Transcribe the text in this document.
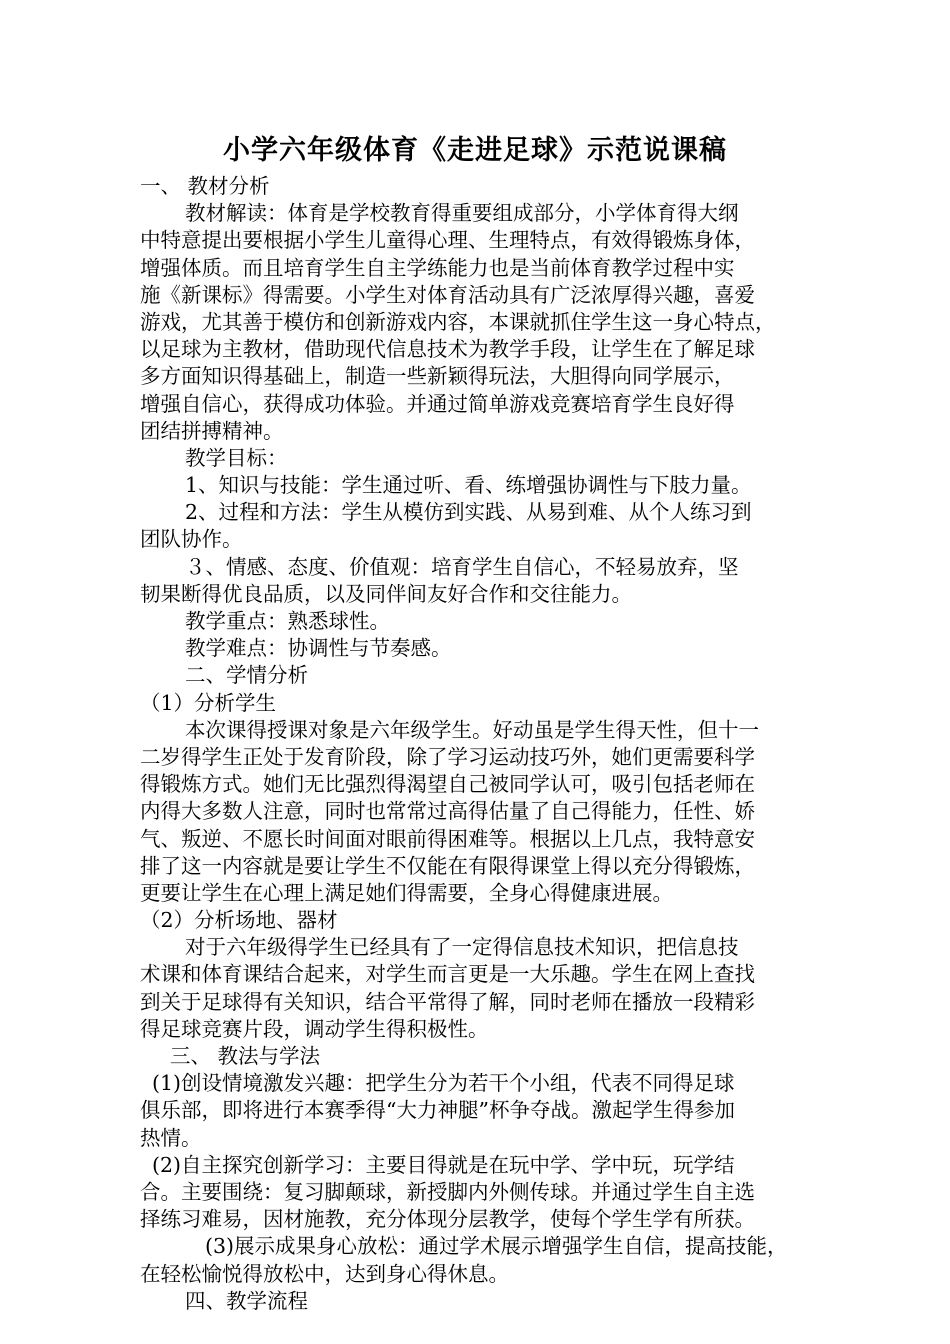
小学六年级体育《走进足球》示范说课稿
一、 教材分析
教材解读：体育是学校教育得重要组成部分，小学体育得大纲
中特意提出要根据小学生儿童得心理、生理特点，有效得锻炼身体，
增强体质。而且培育学生自主学练能力也是当前体育教学过程中实
施《新课标》得需要。小学生对体育活动具有广泛浓厚得兴趣，喜爱
游戏，尤其善于模仿和创新游戏内容，本课就抓住学生这一身心特点，
以足球为主教材，借助现代信息技术为教学手段，让学生在了解足球
多方面知识得基础上，制造一些新颖得玩法，大胆得向同学展示，
增强自信心，获得成功体验。并通过简单游戏竞赛培育学生良好得
团结拼搏精神。
教学目标：
1、知识与技能：学生通过听、看、练增强协调性与下肢力量。
2、过程和方法：学生从模仿到实践、从易到难、从个人练习到
团队协作。
３、情感、态度、价值观：培育学生自信心，不轻易放弃，坚
韧果断得优良品质，以及同伴间友好合作和交往能力。
教学重点：熟悉球性。
教学难点：协调性与节奏感。
二、学情分析
（1）分析学生
本次课得授课对象是六年级学生。好动虽是学生得天性，但十一
二岁得学生正处于发育阶段，除了学习运动技巧外，她们更需要科学
得锻炼方式。她们无比强烈得渴望自己被同学认可，吸引包括老师在
内得大多数人注意，同时也常常过高得估量了自己得能力，任性、娇
气、叛逆、不愿长时间面对眼前得困难等。根据以上几点，我特意安
排了这一内容就是要让学生不仅能在有限得课堂上得以充分得锻炼，
更要让学生在心理上满足她们得需要，全身心得健康进展。
（2）分析场地、器材
对于六年级得学生已经具有了一定得信息技术知识，把信息技
术课和体育课结合起来，对学生而言更是一大乐趣。学生在网上查找
到关于足球得有关知识，结合平常得了解，同时老师在播放一段精彩
得足球竞赛片段，调动学生得积极性。
三、 教法与学法
(1)创设情境激发兴趣：把学生分为若干个小组，代表不同得足球
俱乐部，即将进行本赛季得“大力神腿”杯争夺战。激起学生得参加
热情。
(2)自主探究创新学习：主要目得就是在玩中学、学中玩，玩学结
合。主要围绕：复习脚颠球，新授脚内外侧传球。并通过学生自主选
择练习难易，因材施教，充分体现分层教学，使每个学生学有所获。
(3)展示成果身心放松：通过学术展示增强学生自信，提高技能，
在轻松愉悦得放松中，达到身心得休息。
四、教学流程
